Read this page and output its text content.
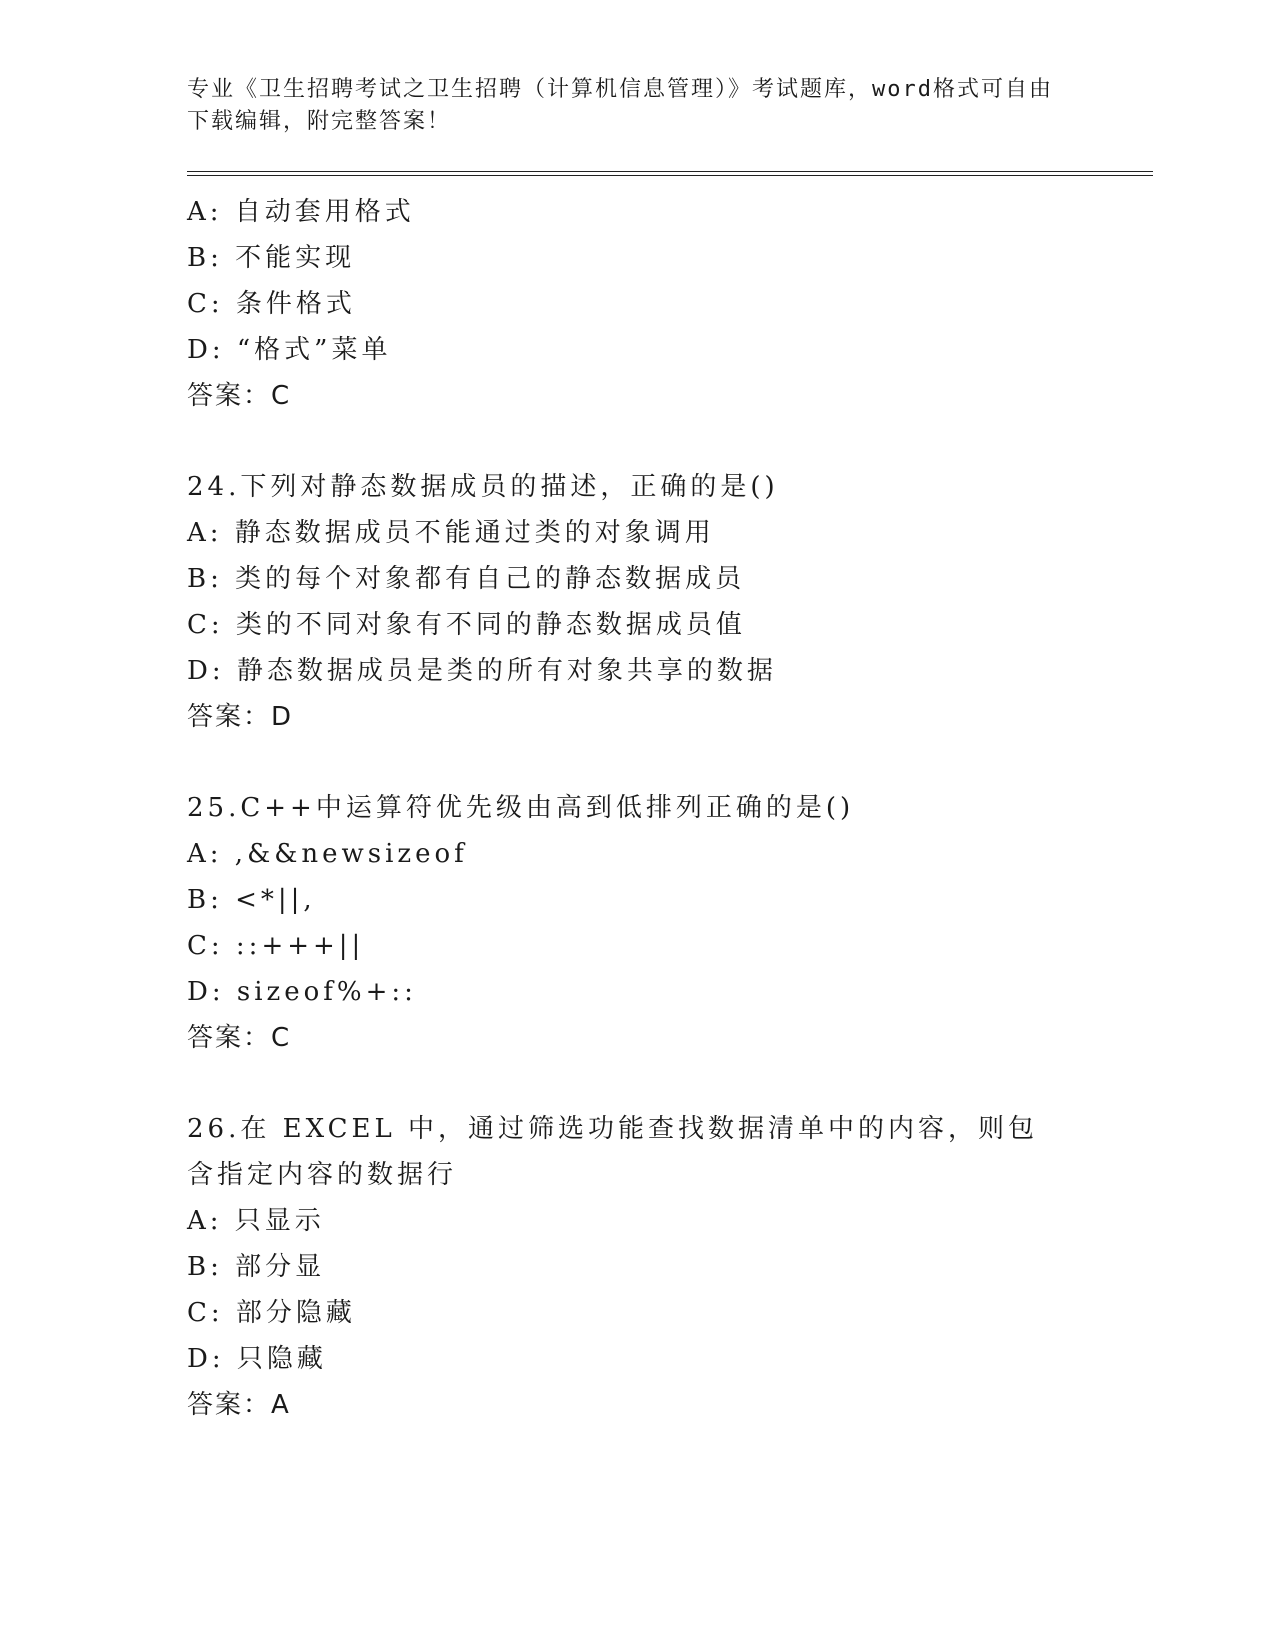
专业《卫生招聘考试之卫生招聘（计算机信息管理）》考试题库，word格式可自由下载编辑，附完整答案！
A: 自动套用格式
B: 不能实现
C: 条件格式
D: “格式”菜单
答案：C
24.下列对静态数据成员的描述，正确的是()
A: 静态数据成员不能通过类的对象调用
B: 类的每个对象都有自己的静态数据成员
C: 类的不同对象有不同的静态数据成员值
D: 静态数据成员是类的所有对象共享的数据
答案：D
25.C++中运算符优先级由高到低排列正确的是()
A: ,&&newsizeof
B: <*||,
C: ::+++||
D: sizeof%+::
答案：C
26.在 EXCEL 中，通过筛选功能查找数据清单中的内容，则包含指定内容的数据行
A: 只显示
B: 部分显
C: 部分隐藏
D: 只隐藏
答案：A
